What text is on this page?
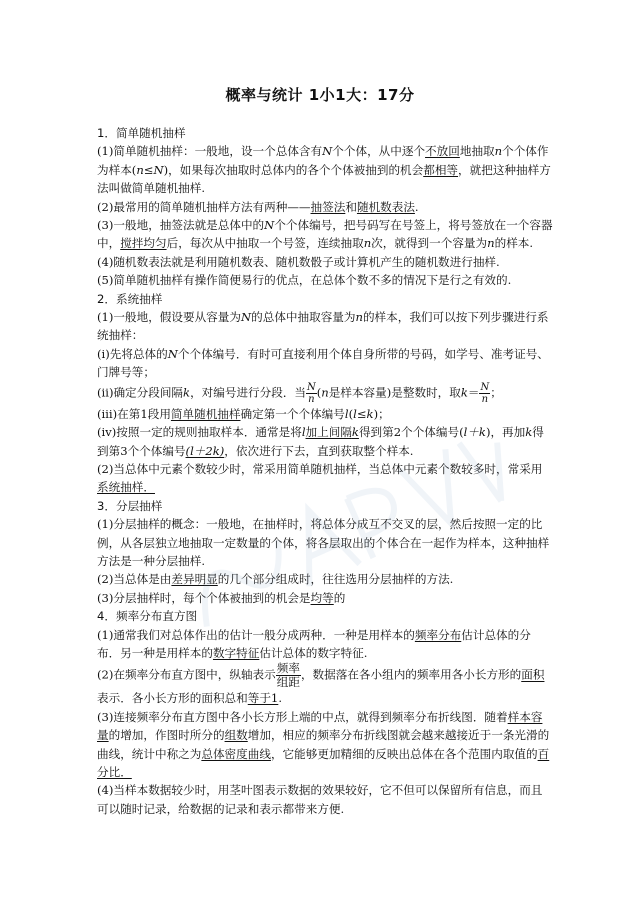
概率与统计 1小1大：17分

1．简单随机抽样

(1)简单随机抽样：一般地，设一个总体含有N个个体，从中逐个不放回地抽取n个个体作为样本(n≤N)，如果每次抽取时总体内的各个个体被抽到的机会都相等，就把这种抽样方法叫做简单随机抽样.

(2)最常用的简单随机抽样方法有两种——抽签法和随机数表法.

(3)一般地，抽签法就是总体中的N个个体编号，把号码写在号签上，将号签放在一个容器中，搅拌均匀后，每次从中抽取一个号签，连续抽取n次，就得到一个容量为n的样本.

(4)随机数表法就是利用随机数表、随机数骰子或计算机产生的随机数进行抽样.

(5)简单随机抽样有操作简便易行的优点，在总体个数不多的情况下是行之有效的.

2．系统抽样

(1)一般地，假设要从容量为N的总体中抽取容量为n的样本，我们可以按下列步骤进行系统抽样：

(ⅰ)先将总体的N个个体编号．有时可直接利用个体自身所带的号码，如学号、准考证号、门牌号等；

(ⅱ)确定分段间隔k，对编号进行分段．当 $\frac{N}{n} (n$是样本容量)是整数时，取$k= \frac{N}{n}$ ；

(ⅲ)在第1段用简单随机抽样确定第一个个体编号l(l≤k)；

(ⅳ)按照一定的规则抽取样本．通常是将l加上间隔k得到第2个个体编号(l＋k)，再加k得到第3个个体编号(l＋2k)，依次进行下去，直到获取整个样本.

(2)当总体中元素个数较少时，常采用简单随机抽样，当总体中元素个数较多时，常采用系统抽样．

3．分层抽样

(1)分层抽样的概念：一般地，在抽样时，将总体分成互不交叉的层，然后按照一定的比例，从各层独立地抽取一定数量的个体，将各层取出的个体合在一起作为样本，这种抽样方法是一种分层抽样.

(2)当总体是由差异明显的几个部分组成时，往往选用分层抽样的方法.

(3)分层抽样时，每个个体被抽到的机会是均等的

4．频率分布直方图

(1)通常我们对总体作出的估计一般分成两种．一种是用样本的频率分布估计总体的分布．另一种是用样本的数字特征估计总体的数字特征.

(2)在频率分布直方图中，纵轴表示 $\frac{\text{频率}}{\text{组距}}$ ，数据落在各小组内的频率用各小长方形的面积表示．各小长方形的面积总和等于1.

(3)连接频率分布直方图中各小长方形上端的中点，就得到频率分布折线图．随着样本容量的增加，作图时所分的组数增加，相应的频率分布折线图就会越来越接近于一条光滑的曲线，统计中称之为总体密度曲线，它能够更加精细的反映出总体在各个范围内取值的百分比．

(4)当样本数据较少时，用茎叶图表示数据的效果较好，它不但可以保留所有信息，而且可以随时记录，给数据的记录和表示都带来方便.
